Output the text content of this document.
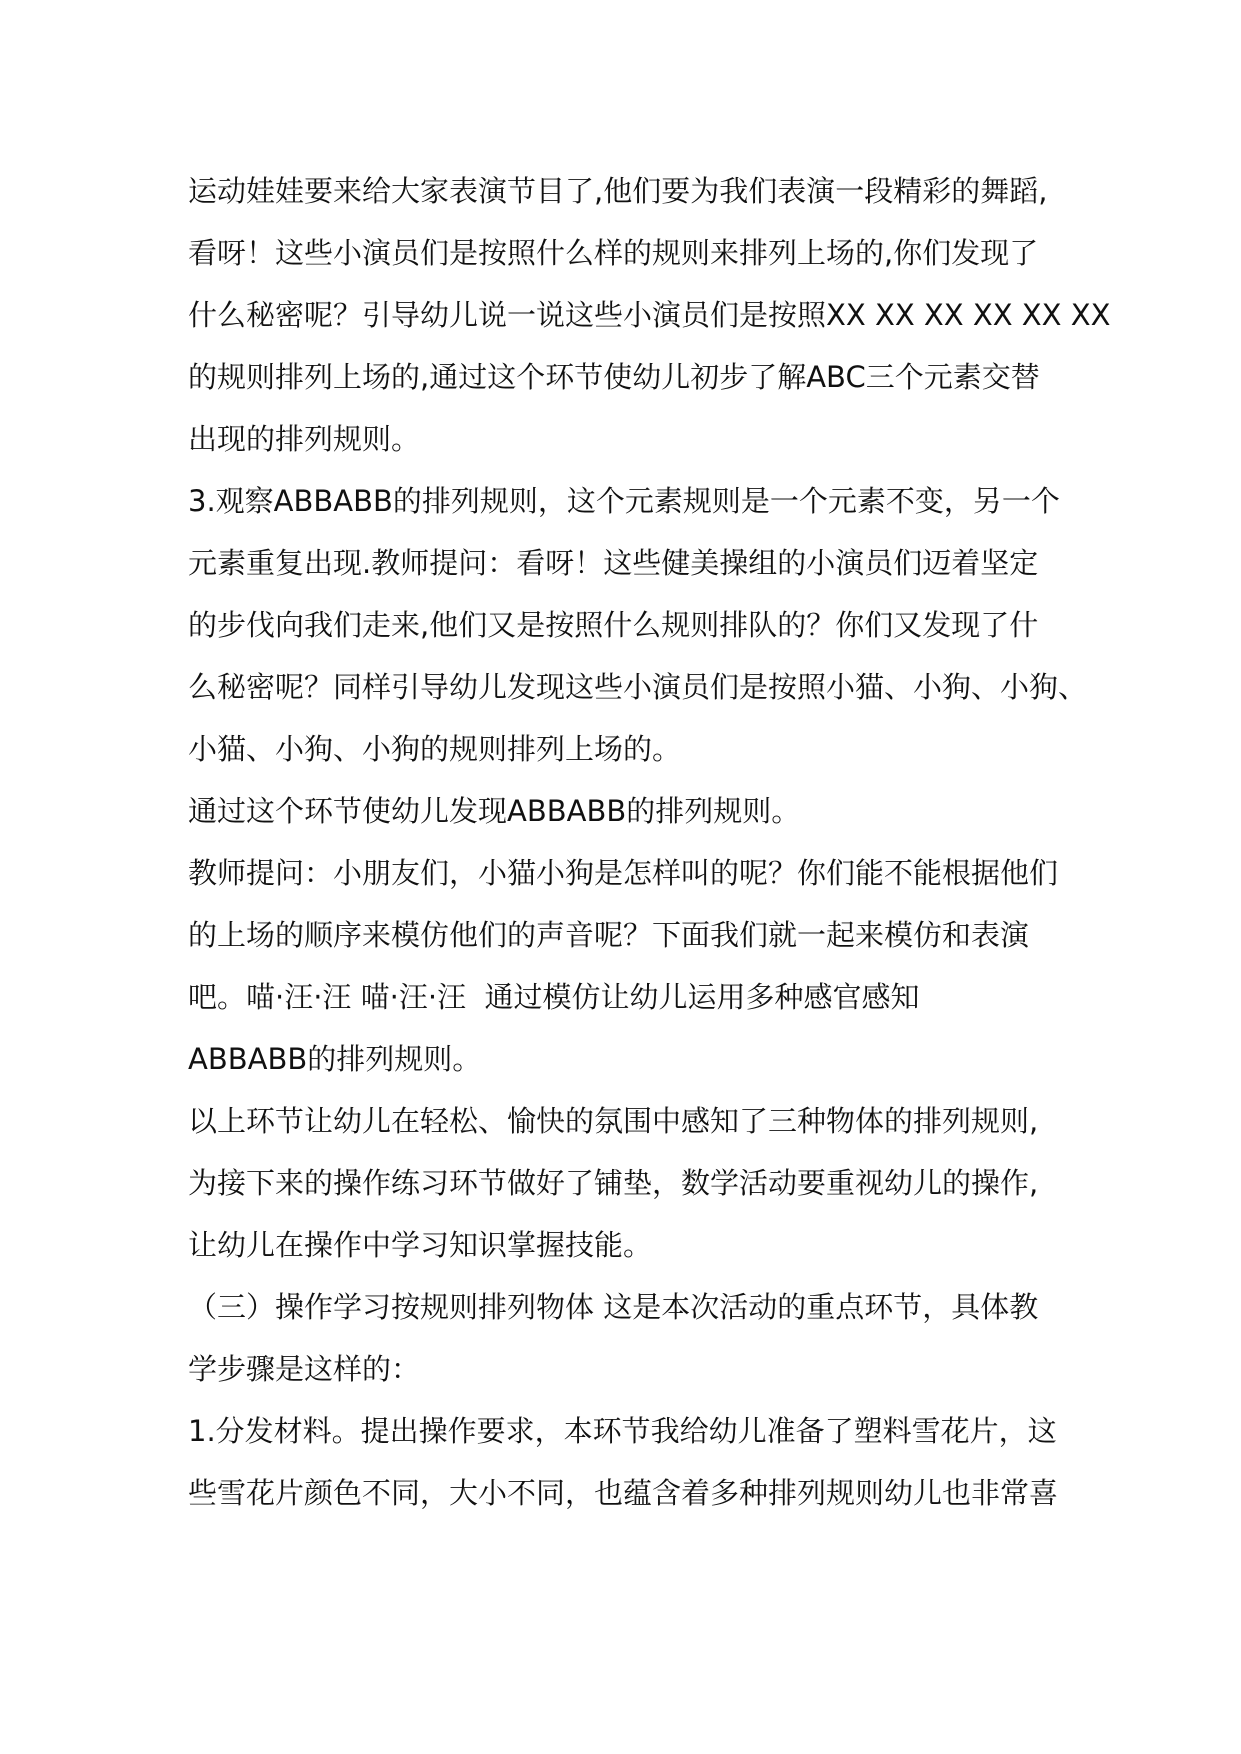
运动娃娃要来给大家表演节目了,他们要为我们表演一段精彩的舞蹈,
看呀！这些小演员们是按照什么样的规则来排列上场的,你们发现了
什么秘密呢？引导幼儿说一说这些小演员们是按照XX XX XX XX XX XX
的规则排列上场的,通过这个环节使幼儿初步了解ABC三个元素交替
出现的排列规则。
3.观察ABBABB的排列规则，这个元素规则是一个元素不变，另一个
元素重复出现.教师提问：看呀！这些健美操组的小演员们迈着坚定
的步伐向我们走来,他们又是按照什么规则排队的？你们又发现了什
么秘密呢？同样引导幼儿发现这些小演员们是按照小猫、小狗、小狗、
小猫、小狗、小狗的规则排列上场的。
通过这个环节使幼儿发现ABBABB的排列规则。
教师提问：小朋友们，小猫小狗是怎样叫的呢？你们能不能根据他们
的上场的顺序来模仿他们的声音呢？下面我们就一起来模仿和表演
吧。喵·汪·汪 喵·汪·汪  通过模仿让幼儿运用多种感官感知
ABBABB的排列规则。
以上环节让幼儿在轻松、愉快的氛围中感知了三种物体的排列规则,
为接下来的操作练习环节做好了铺垫，数学活动要重视幼儿的操作,
让幼儿在操作中学习知识掌握技能。
（三）操作学习按规则排列物体 这是本次活动的重点环节，具体教
学步骤是这样的：
1.分发材料。提出操作要求，本环节我给幼儿准备了塑料雪花片，这
些雪花片颜色不同，大小不同，也蕴含着多种排列规则幼儿也非常喜
